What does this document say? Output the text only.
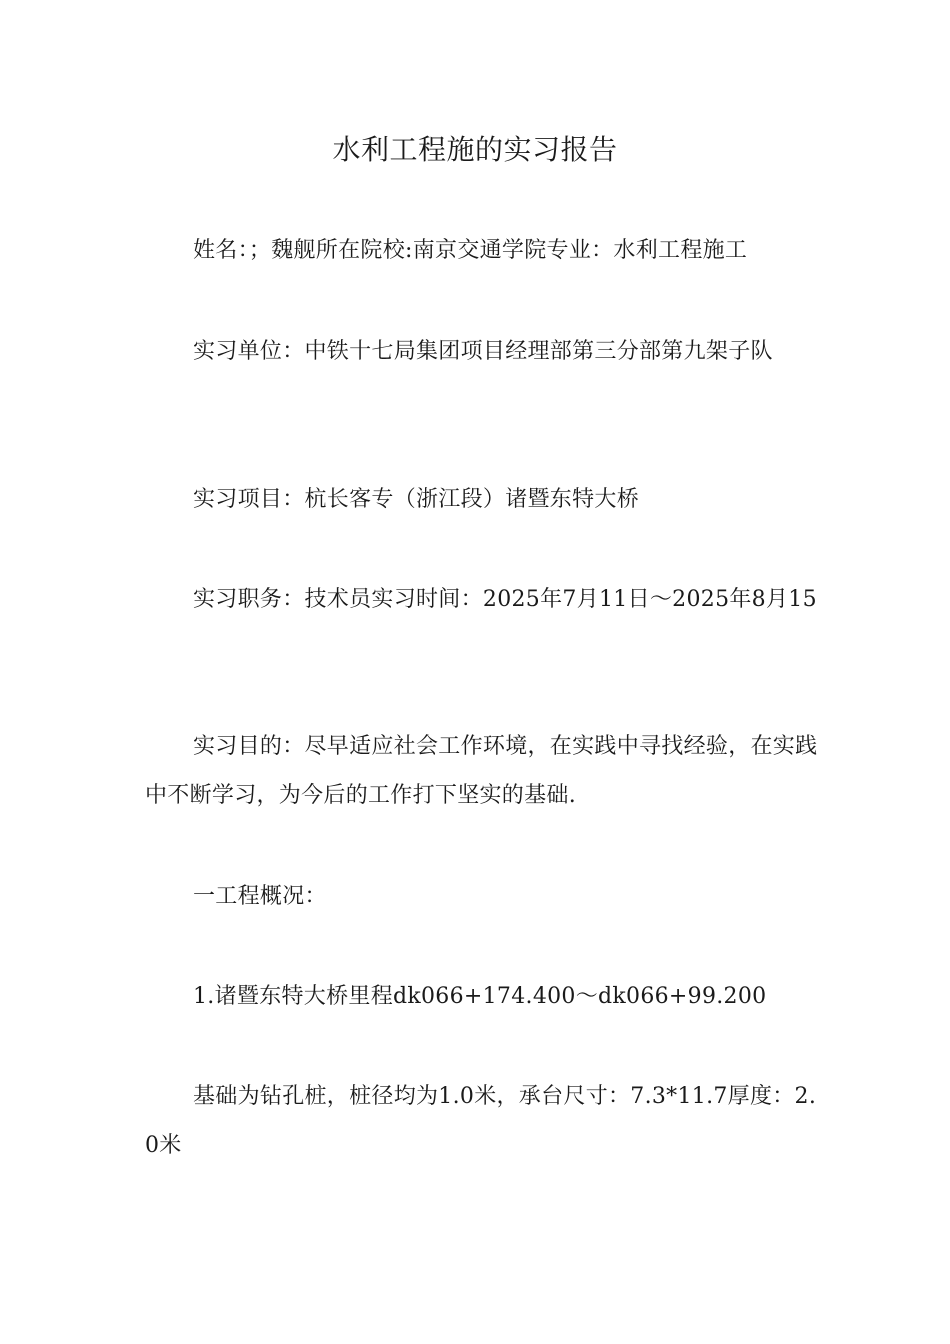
水利工程施的实习报告

姓名：；魏舰所在院校:南京交通学院专业：水利工程施工

实习单位：中铁十七局集团项目经理部第三分部第九架子队

实习项目：杭长客专（浙江段）诸暨东特大桥

实习职务：技术员实习时间：2025年7月11日～2025年8月15

实习目的：尽早适应社会工作环境，在实践中寻找经验，在实践中不断学习，为今后的工作打下坚实的基础.

一工程概况：

1.诸暨东特大桥里程dk066+174.400～dk066+99.200

基础为钻孔桩，桩径均为1.0米，承台尺寸：7.3*11.7厚度：2.0米
